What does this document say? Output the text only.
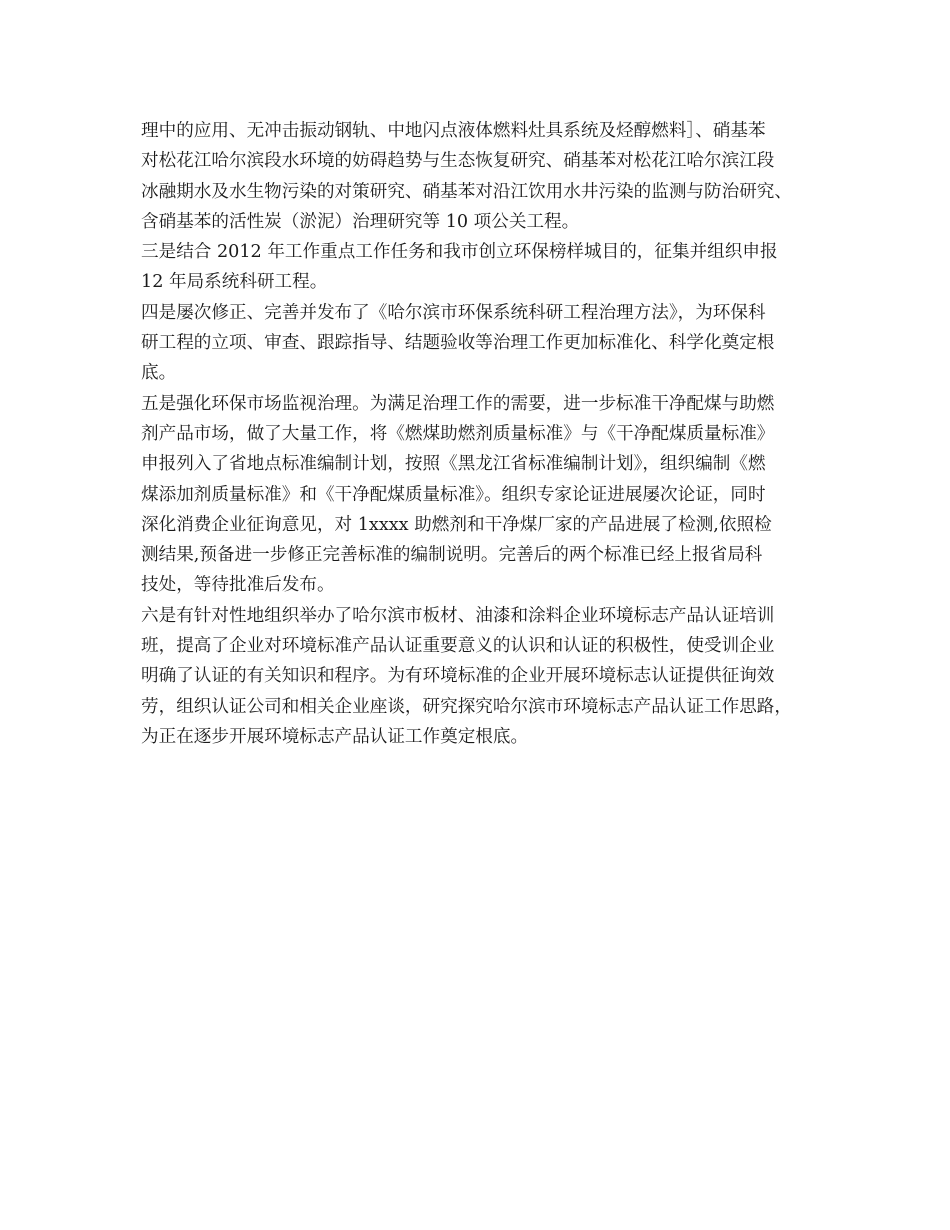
理中的应用、无冲击振动钢轨、中地闪点液体燃料灶具系统及烃醇燃料］、硝基苯
对松花江哈尔滨段水环境的妨碍趋势与生态恢复研究、硝基苯对松花江哈尔滨江段
冰融期水及水生物污染的对策研究、硝基苯对沿江饮用水井污染的监测与防治研究、
含硝基苯的活性炭（淤泥）治理研究等 10 项公关工程。
三是结合 2012 年工作重点工作任务和我市创立环保榜样城目的，征集并组织申报
12 年局系统科研工程。
四是屡次修正、完善并发布了《哈尔滨市环保系统科研工程治理方法》，为环保科
研工程的立项、审查、跟踪指导、结题验收等治理工作更加标准化、科学化奠定根
底。
五是强化环保市场监视治理。为满足治理工作的需要，进一步标准干净配煤与助燃
剂产品市场，做了大量工作，将《燃煤助燃剂质量标准》与《干净配煤质量标准》
申报列入了省地点标准编制计划，按照《黑龙江省标准编制计划》，组织编制《燃
煤添加剂质量标准》和《干净配煤质量标准》。组织专家论证进展屡次论证，同时
深化消费企业征询意见，对 1xxxx 助燃剂和干净煤厂家的产品进展了检测,依照检
测结果,预备进一步修正完善标准的编制说明。完善后的两个标准已经上报省局科
技处，等待批准后发布。
六是有针对性地组织举办了哈尔滨市板材、油漆和涂料企业环境标志产品认证培训
班，提高了企业对环境标准产品认证重要意义的认识和认证的积极性，使受训企业
明确了认证的有关知识和程序。为有环境标准的企业开展环境标志认证提供征询效
劳，组织认证公司和相关企业座谈，研究探究哈尔滨市环境标志产品认证工作思路，
为正在逐步开展环境标志产品认证工作奠定根底。
